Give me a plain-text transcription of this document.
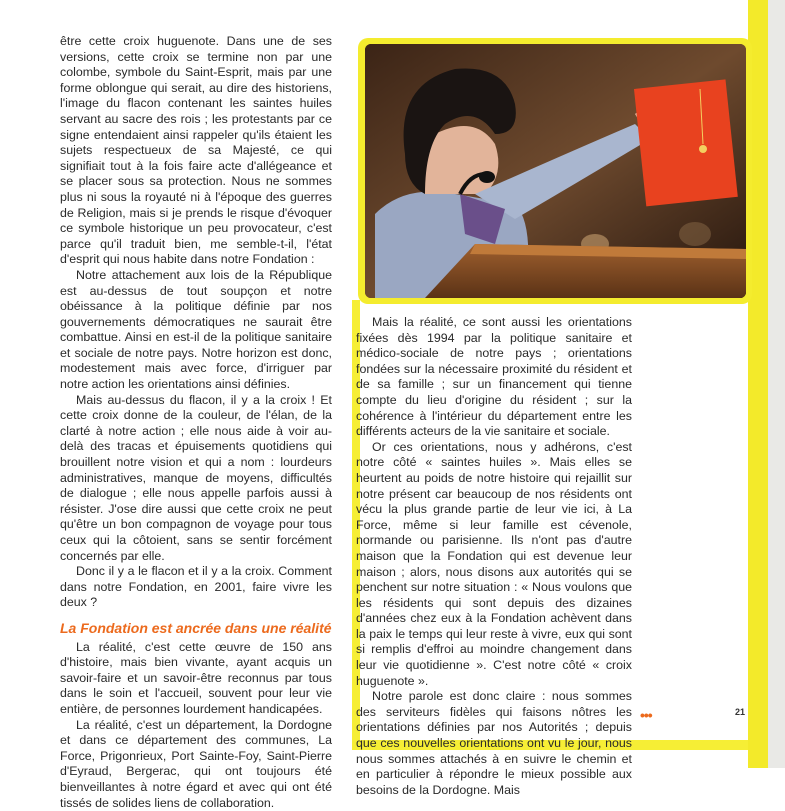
être cette croix huguenote. Dans une de ses versions, cette croix se termine non par une colombe, symbole du Saint-Esprit, mais par une forme oblongue qui serait, au dire des historiens, l'image du flacon contenant les saintes huiles servant au sacre des rois ; les protestants par ce signe entendaient ainsi rappeler qu'ils étaient les sujets respectueux de sa Majesté, ce qui signifiait tout à la fois faire acte d'allégeance et se placer sous sa protection. Nous ne sommes plus ni sous la royauté ni à l'époque des guerres de Religion, mais si je prends le risque d'évoquer ce symbole historique un peu provocateur, c'est parce qu'il traduit bien, me semble-t-il, l'état d'esprit qui nous habite dans notre Fondation :

Notre attachement aux lois de la République est au-dessus de tout soupçon et notre obéissance à la politique définie par nos gouvernements démocratiques ne saurait être combattue. Ainsi en est-il de la politique sanitaire et sociale de notre pays. Notre horizon est donc, modestement mais avec force, d'irriguer par notre action les orientations ainsi définies.

Mais au-dessus du flacon, il y a la croix ! Et cette croix donne de la couleur, de l'élan, de la clarté à notre action ; elle nous aide à voir au-delà des tracas et épuisements quotidiens qui brouillent notre vision et qui a nom : lourdeurs administratives, manque de moyens, difficultés de dialogue ; elle nous appelle parfois aussi à résister. J'ose dire aussi que cette croix ne peut qu'être un bon compagnon de voyage pour tous ceux qui la côtoient, sans se sentir forcément concernés par elle.

Donc il y a le flacon et il y a la croix. Comment dans notre Fondation, en 2001, faire vivre les deux ?

La Fondation est ancrée dans une réalité

La réalité, c'est cette œuvre de 150 ans d'histoire, mais bien vivante, ayant acquis un savoir-faire et un savoir-être reconnus par tous dans le soin et l'accueil, souvent pour leur vie entière, de personnes lourdement handicapées.

La réalité, c'est un département, la Dordogne et dans ce département des communes, La Force, Prigonrieux, Port Sainte-Foy, Saint-Pierre d'Eyraud, Bergerac, qui ont toujours été bienveillantes à notre égard et avec qui ont été tissés de solides liens de collaboration.

Mais la réalité, ce sont aussi les orientations fixées dès 1994 par la politique sanitaire et médico-sociale de notre pays ; orientations fondées sur la nécessaire proximité du résident et de sa famille ; sur un financement qui tienne compte du lieu d'origine du résident ; sur la cohérence à l'intérieur du département entre les différents acteurs de la vie sanitaire et sociale.

Or ces orientations, nous y adhérons, c'est notre côté « saintes huiles ». Mais elles se heurtent au poids de notre histoire qui rejaillit sur notre présent car beaucoup de nos résidents ont vécu la plus grande partie de leur vie ici, à La Force, même si leur famille est cévenole, normande ou parisienne. Ils n'ont pas d'autre maison que la Fondation qui est devenue leur maison ; alors, nous disons aux autorités qui se penchent sur notre situation : « Nous voulons que les résidents qui sont depuis des dizaines d'années chez eux à la Fondation achèvent dans la paix le temps qui leur reste à vivre, eux qui sont si remplis d'effroi au moindre changement dans leur vie quotidienne ». C'est notre côté « croix huguenote ».

Notre parole est donc claire : nous sommes des serviteurs fidèles qui faisons nôtres les orientations définies par nos Autorités ; depuis que ces nouvelles orientations ont vu le jour, nous nous sommes attachés à en suivre le chemin et en particulier à répondre le mieux possible aux besoins de la Dordogne. Mais

•••	21
